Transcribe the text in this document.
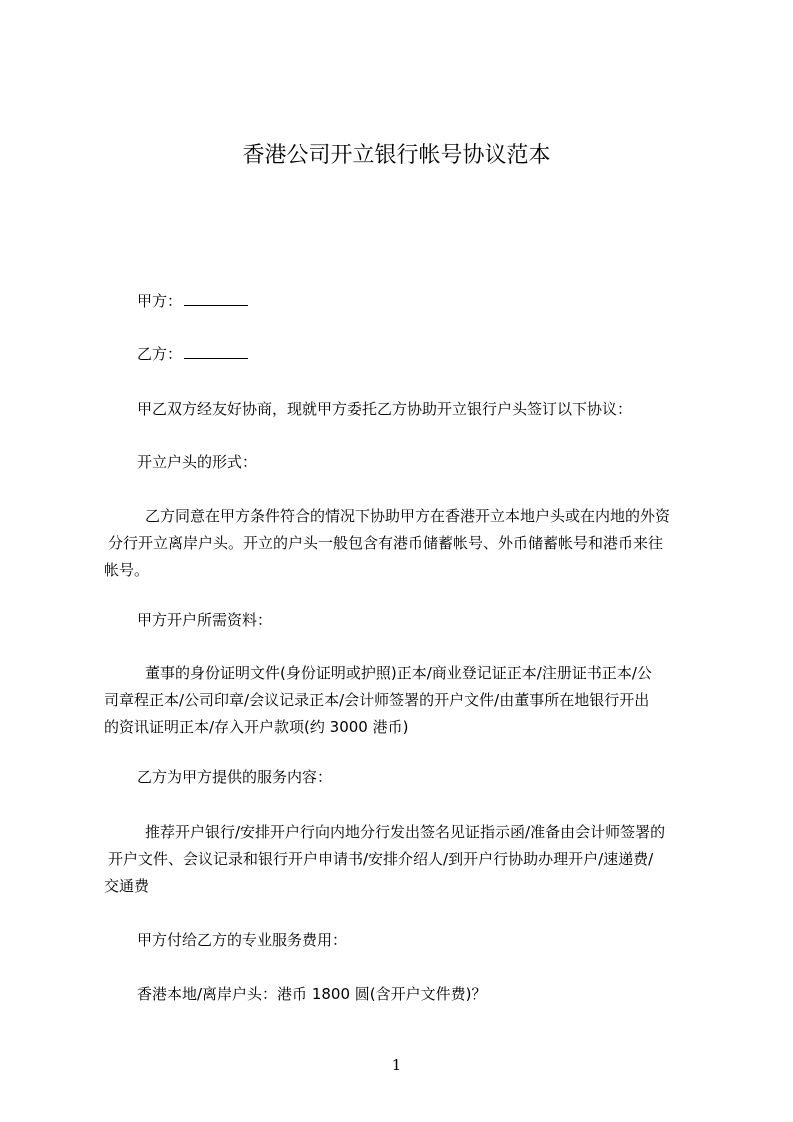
香港公司开立银行帐号协议范本

甲方：

乙方：

甲乙双方经友好协商，现就甲方委托乙方协助开立银行户头签订以下协议：

开立户头的形式：

乙方同意在甲方条件符合的情况下协助甲方在香港开立本地户头或在内地的外资

分行开立离岸户头。开立的户头一般包含有港币储蓄帐号、外币储蓄帐号和港币来往

帐号。

甲方开户所需资料：

董事的身份证明文件(身份证明或护照)正本/商业登记证正本/注册证书正本/公

司章程正本/公司印章/会议记录正本/会计师签署的开户文件/由董事所在地银行开出

的资讯证明正本/存入开户款项(约 3000 港币)

乙方为甲方提供的服务内容：

推荐开户银行/安排开户行向内地分行发出签名见证指示函/准备由会计师签署的

开户文件、会议记录和银行开户申请书/安排介绍人/到开户行协助办理开户/速递费/

交通费

甲方付给乙方的专业服务费用：

香港本地/离岸户头：港币 1800 圆(含开户文件费)？

1
